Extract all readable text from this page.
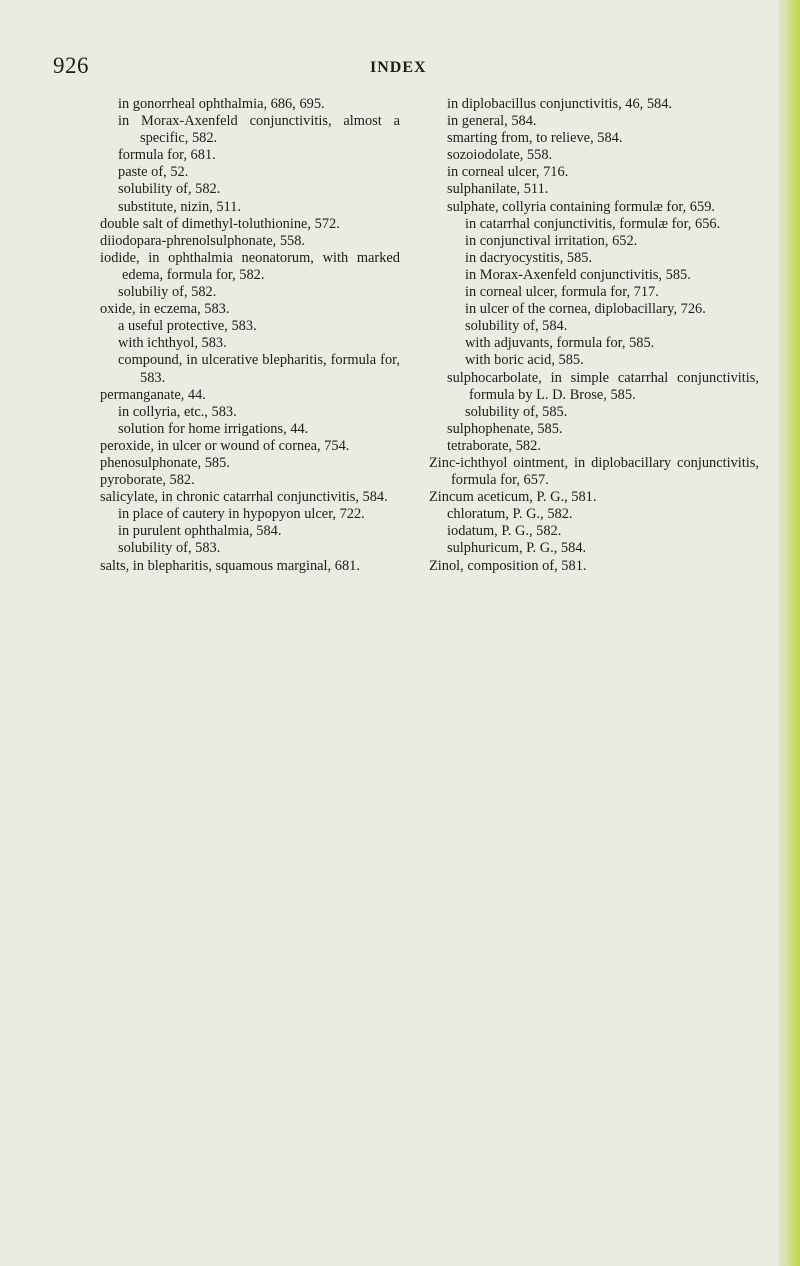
926	INDEX
in gonorrheal ophthalmia, 686, 695.
in Morax-Axenfeld conjunctivitis, almost a specific, 582.
formula for, 681.
paste of, 52.
solubility of, 582.
substitute, nizin, 511.
double salt of dimethyl-toluthionine, 572.
diiodopara-phrenolsulphonate, 558.
iodide, in ophthalmia neonatorum, with marked edema, formula for, 582.
solubiliy of, 582.
oxide, in eczema, 583.
a useful protective, 583.
with ichthyol, 583.
compound, in ulcerative blepharitis, formula for, 583.
permanganate, 44.
in collyria, etc., 583.
solution for home irrigations, 44.
peroxide, in ulcer or wound of cornea, 754.
phenosulphonate, 585.
pyroborate, 582.
salicylate, in chronic catarrhal conjunctivitis, 584.
in place of cautery in hypopyon ulcer, 722.
in purulent ophthalmia, 584.
solubility of, 583.
salts, in blepharitis, squamous marginal, 681.
in diplobacillus conjunctivitis, 46, 584.
in general, 584.
smarting from, to relieve, 584.
sozoiodolate, 558.
in corneal ulcer, 716.
sulphanilate, 511.
sulphate, collyria containing formulæ for, 659.
in catarrhal conjunctivitis, formulæ for, 656.
in conjunctival irritation, 652.
in dacryocystitis, 585.
in Morax-Axenfeld conjunctivitis, 585.
in corneal ulcer, formula for, 717.
in ulcer of the cornea, diplobacillary, 726.
solubility of, 584.
with adjuvants, formula for, 585.
with boric acid, 585.
sulphocarbolate, in simple catarrhal conjunctivitis, formula by L. D. Brose, 585.
solubility of, 585.
sulphophenate, 585.
tetraborate, 582.
Zinc-ichthyol ointment, in diplobacillary conjunctivitis, formula for, 657.
Zincum aceticum, P. G., 581.
chloratum, P. G., 582.
iodatum, P. G., 582.
sulphuricum, P. G., 584.
Zinol, composition of, 581.
